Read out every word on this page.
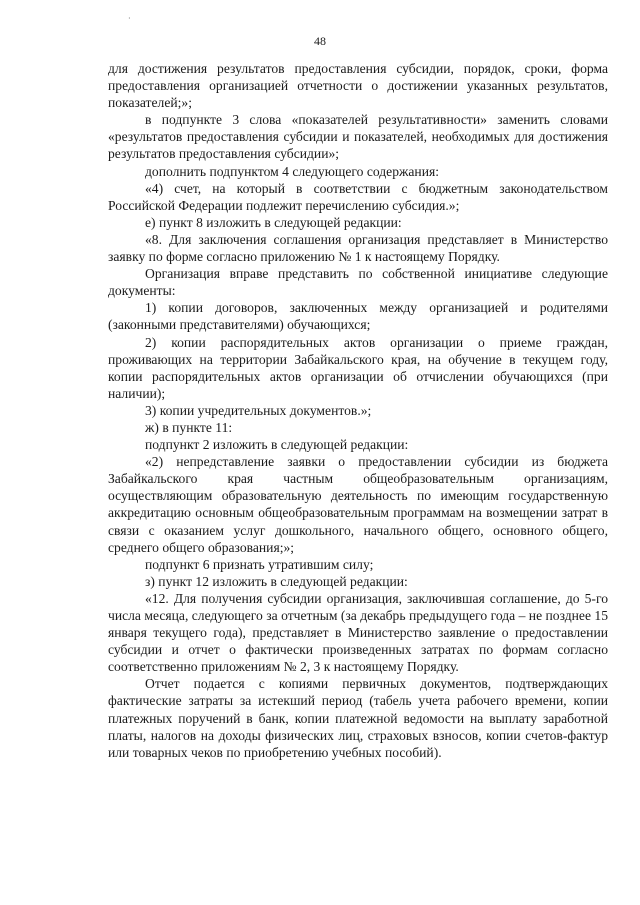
·
48

для достижения результатов предоставления субсидии, порядок, сроки, форма предоставления организацией отчетности о достижении указанных результатов, показателей;»;

в подпункте 3 слова «показателей результативности» заменить словами «результатов предоставления субсидии и показателей, необходимых для достижения результатов предоставления субсидии»;

дополнить подпунктом 4 следующего содержания:

«4) счет, на который в соответствии с бюджетным законодательством Российской Федерации подлежит перечислению субсидия.»;

е) пункт 8 изложить в следующей редакции:

«8. Для заключения соглашения организация представляет в Министерство заявку по форме согласно приложению № 1 к настоящему Порядку.

Организация вправе представить по собственной инициативе следующие документы:

1) копии договоров, заключенных между организацией и родителями (законными представителями) обучающихся;

2) копии распорядительных актов организации о приеме граждан, проживающих на территории Забайкальского края, на обучение в текущем году, копии распорядительных актов организации об отчислении обучающихся (при наличии);

3) копии учредительных документов.»;

ж) в пункте 11:

подпункт 2 изложить в следующей редакции:

«2) непредставление заявки о предоставлении субсидии из бюджета Забайкальского края частным общеобразовательным организациям, осуществляющим образовательную деятельность по имеющим государственную аккредитацию основным общеобразовательным программам на возмещении затрат в связи с оказанием услуг дошкольного, начального общего, основного общего, среднего общего образования;»;

подпункт 6 признать утратившим силу;

з) пункт 12 изложить в следующей редакции:

«12. Для получения субсидии организация, заключившая соглашение, до 5-го числа месяца, следующего за отчетным (за декабрь предыдущего года – не позднее 15 января текущего года), представляет в Министерство заявление о предоставлении субсидии и отчет о фактически произведенных затратах по формам согласно соответственно приложениям № 2, 3 к настоящему Порядку.

Отчет подается с копиями первичных документов, подтверждающих фактические затраты за истекший период (табель учета рабочего времени, копии платежных поручений в банк, копии платежной ведомости на выплату заработной платы, налогов на доходы физических лиц, страховых взносов, копии счетов-фактур или товарных чеков по приобретению учебных пособий).
